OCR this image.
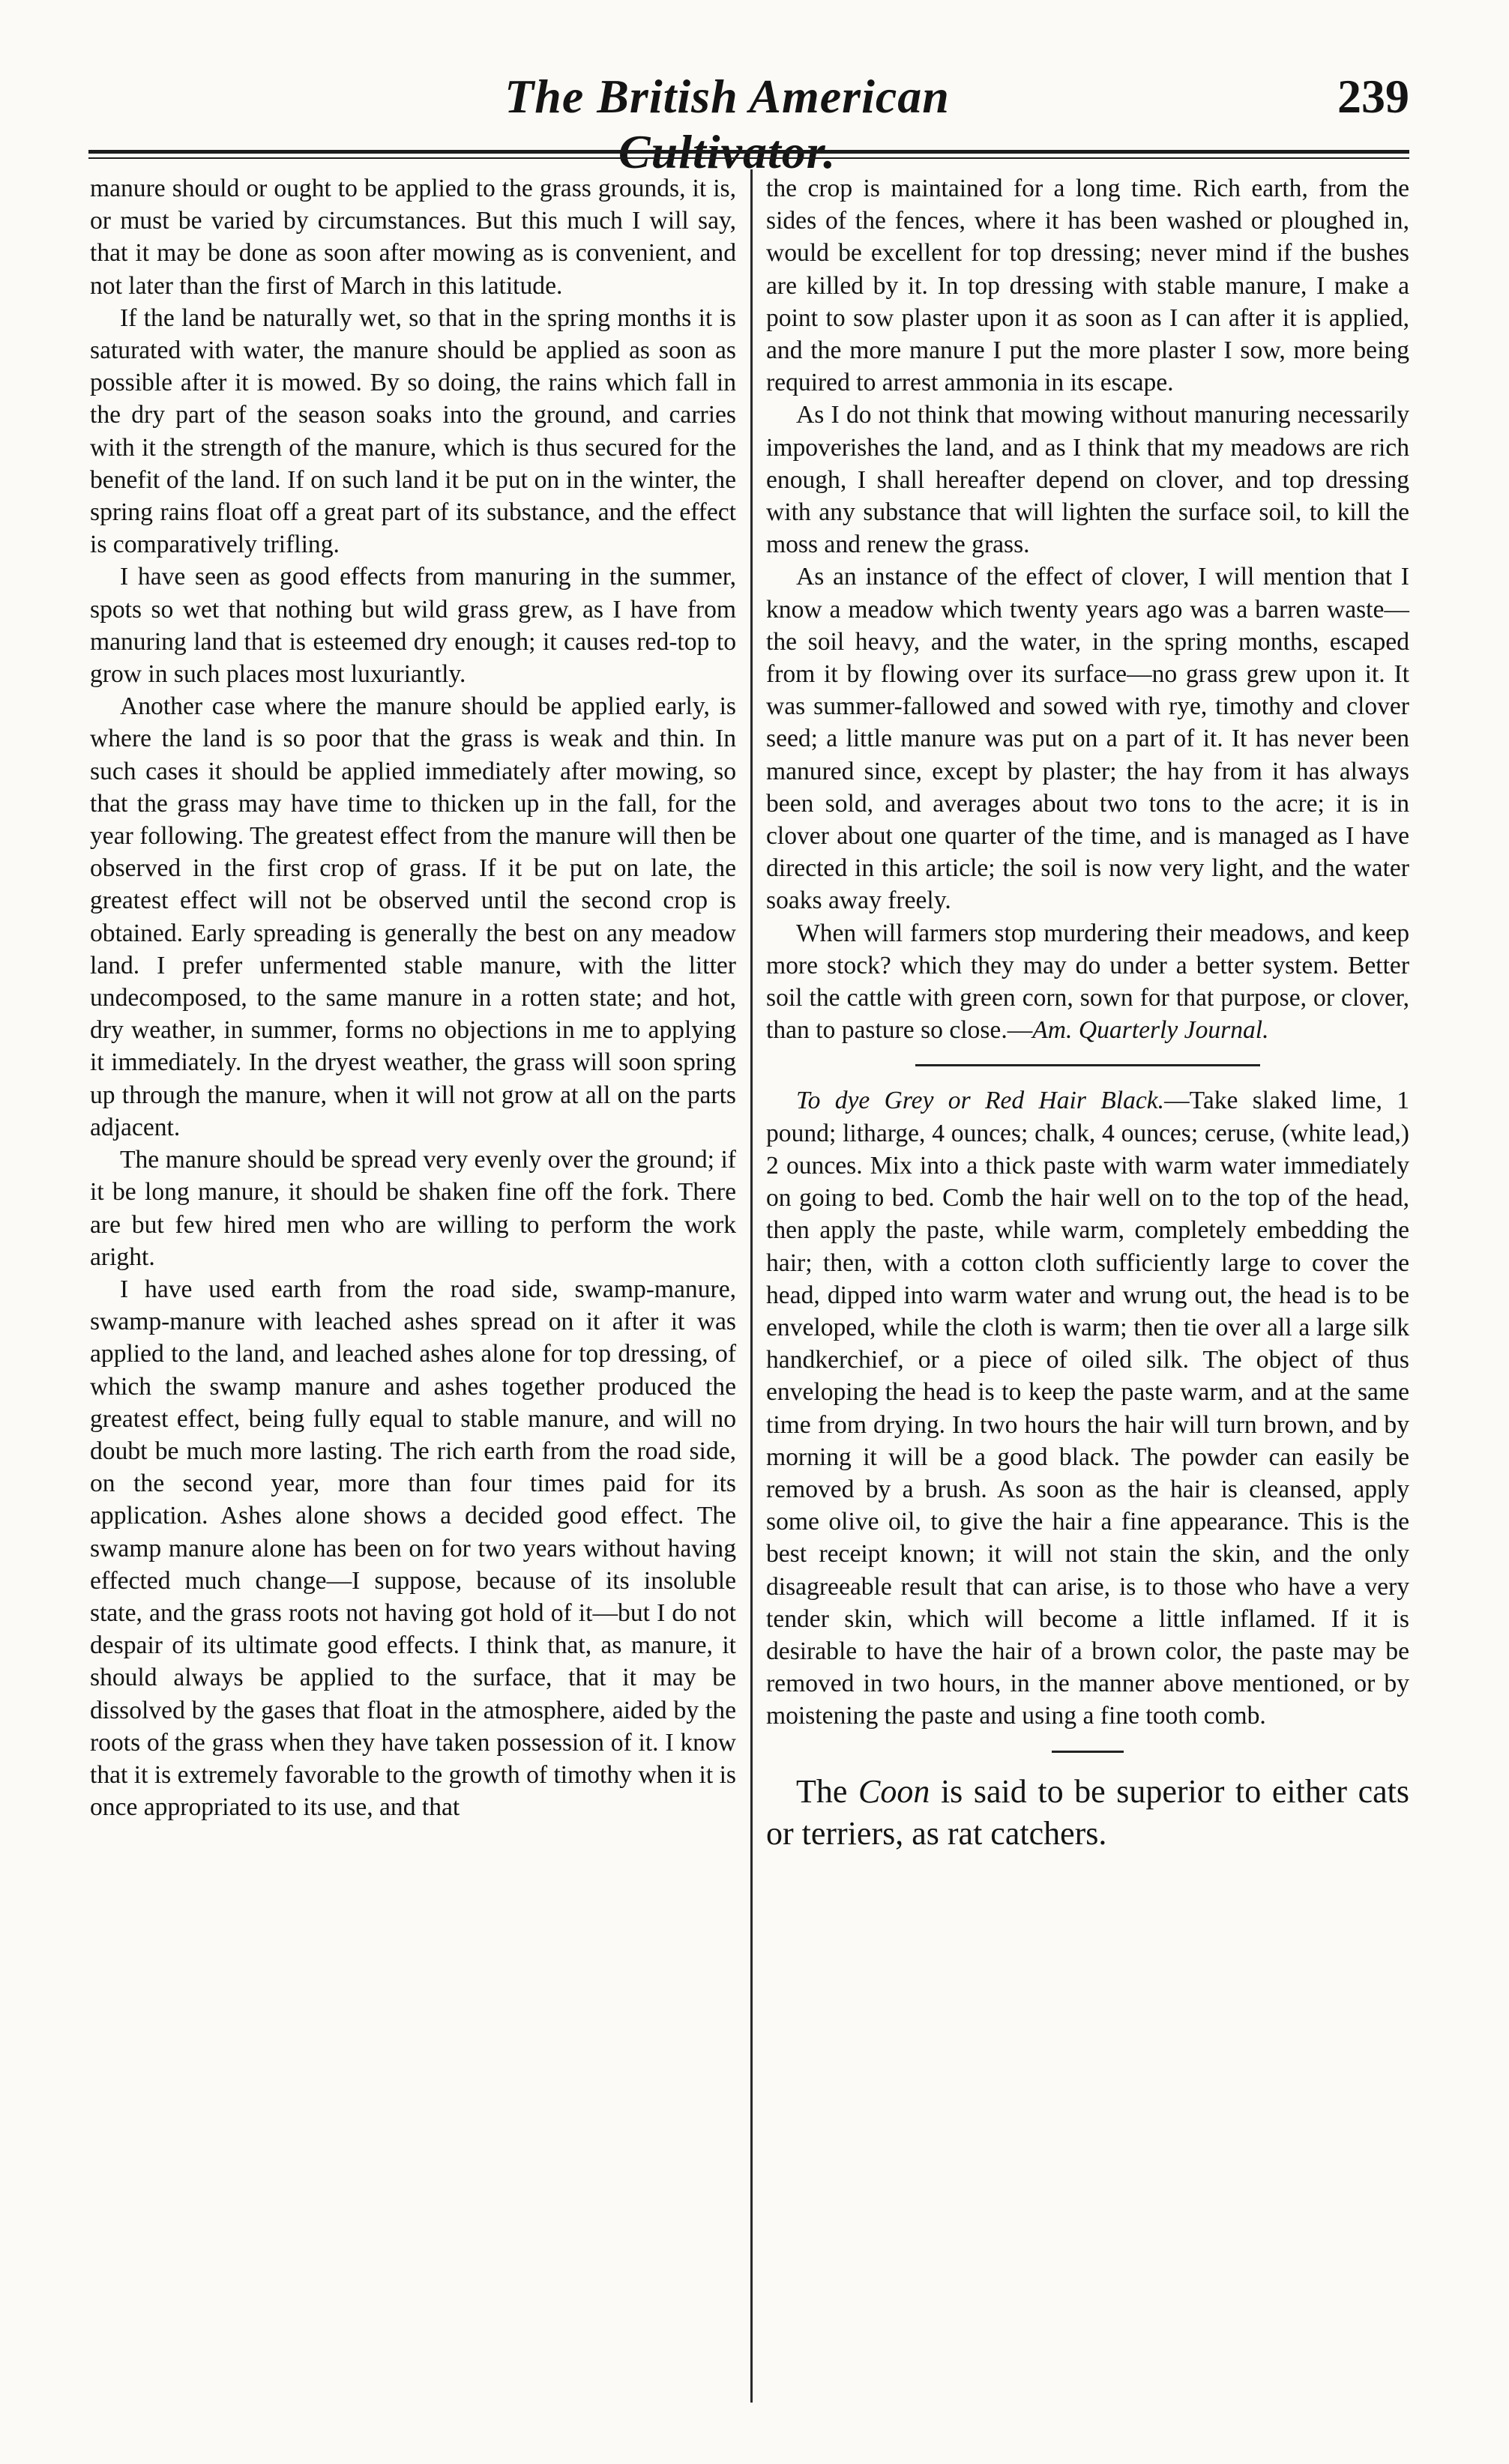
The British American	239

manure should or ought to be applied to the grass grounds, it is, or must be varied by circumstances. But this much I will say, that it may be done as soon after mowing as is convenient, and not later than the first of March in this latitude.

If the land be naturally wet, so that in the spring months it is saturated with water, the manure should be applied as soon as possible after it is mowed. By so doing, the rains which fall in the dry part of the season soaks into the ground, and carries with it the strength of the manure, which is thus secured for the benefit of the land. If on such land it be put on in the winter, the spring rains float off a great part of its substance, and the effect is comparatively trifling.

I have seen as good effects from manuring in the summer, spots so wet that nothing but wild grass grew, as I have from manuring land that is esteemed dry enough; it causes red-top to grow in such places most luxuriantly.

Another case where the manure should be applied early, is where the land is so poor that the grass is weak and thin. In such cases it should be applied immediately after mowing, so that the grass may have time to thicken up in the fall, for the year following. The greatest effect from the manure will then be observed in the first crop of grass. If it be put on late, the greatest effect will not be observed until the second crop is obtained. Early spreading is generally the best on any meadow land. I prefer unfermented stable manure, with the litter undecomposed, to the same manure in a rotten state; and hot, dry weather, in summer, forms no objections in me to applying it immediately. In the dryest weather, the grass will soon spring up through the manure, when it will not grow at all on the parts adjacent.

The manure should be spread very evenly over the ground; if it be long manure, it should be shaken fine off the fork. There are but few hired men who are willing to perform the work aright.

I have used earth from the road side, swamp-manure, swamp-manure with leached ashes spread on it after it was applied to the land, and leached ashes alone for top dressing, of which the swamp manure and ashes together produced the greatest effect, being fully equal to stable manure, and will no doubt be much more lasting. The rich earth from the road side, on the second year, more than four times paid for its application. Ashes alone shows a decided good effect. The swamp manure alone has been on for two years without having effected much change—I suppose, because of its insoluble state, and the grass roots not having got hold of it—but I do not despair of its ultimate good effects. I think that, as manure, it should always be applied to the surface, that it may be dissolved by the gases that float in the atmosphere, aided by the roots of the grass when they have taken possession of it. I know that it is extremely favorable to the growth of timothy when it is once appropriated to its use, and that

the crop is maintained for a long time. Rich earth, from the sides of the fences, where it has been washed or ploughed in, would be excellent for top dressing; never mind if the bushes are killed by it. In top dressing with stable manure, I make a point to sow plaster upon it as soon as I can after it is applied, and the more manure I put the more plaster I sow, more being required to arrest ammonia in its escape.

As I do not think that mowing without manuring necessarily impoverishes the land, and as I think that my meadows are rich enough, I shall hereafter depend on clover, and top dressing with any substance that will lighten the surface soil, to kill the moss and renew the grass.

As an instance of the effect of clover, I will mention that I know a meadow which twenty years ago was a barren waste—the soil heavy, and the water, in the spring months, escaped from it by flowing over its surface—no grass grew upon it. It was summer-fallowed and sowed with rye, timothy and clover seed; a little manure was put on a part of it. It has never been manured since, except by plaster; the hay from it has always been sold, and averages about two tons to the acre; it is in clover about one quarter of the time, and is managed as I have directed in this article; the soil is now very light, and the water soaks away freely.

When will farmers stop murdering their meadows, and keep more stock? which they may do under a better system. Better soil the cattle with green corn, sown for that purpose, or clover, than to pasture so close.—Am. Quarterly Journal.

To dye Grey or Red Hair Black.—Take slaked lime, 1 pound; litharge, 4 ounces; chalk, 4 ounces; ceruse, (white lead,) 2 ounces. Mix into a thick paste with warm water immediately on going to bed. Comb the hair well on to the top of the head, then apply the paste, while warm, completely embedding the hair; then, with a cotton cloth sufficiently large to cover the head, dipped into warm water and wrung out, the head is to be enveloped, while the cloth is warm; then tie over all a large silk handkerchief, or a piece of oiled silk. The object of thus enveloping the head is to keep the paste warm, and at the same time from drying. In two hours the hair will turn brown, and by morning it will be a good black. The powder can easily be removed by a brush. As soon as the hair is cleansed, apply some olive oil, to give the hair a fine appearance. This is the best receipt known; it will not stain the skin, and the only disagreeable result that can arise, is to those who have a very tender skin, which will become a little inflamed. If it is desirable to have the hair of a brown color, the paste may be removed in two hours, in the manner above mentioned, or by moistening the paste and using a fine tooth comb.

The Coon is said to be superior to either cats or terriers, as rat catchers.
